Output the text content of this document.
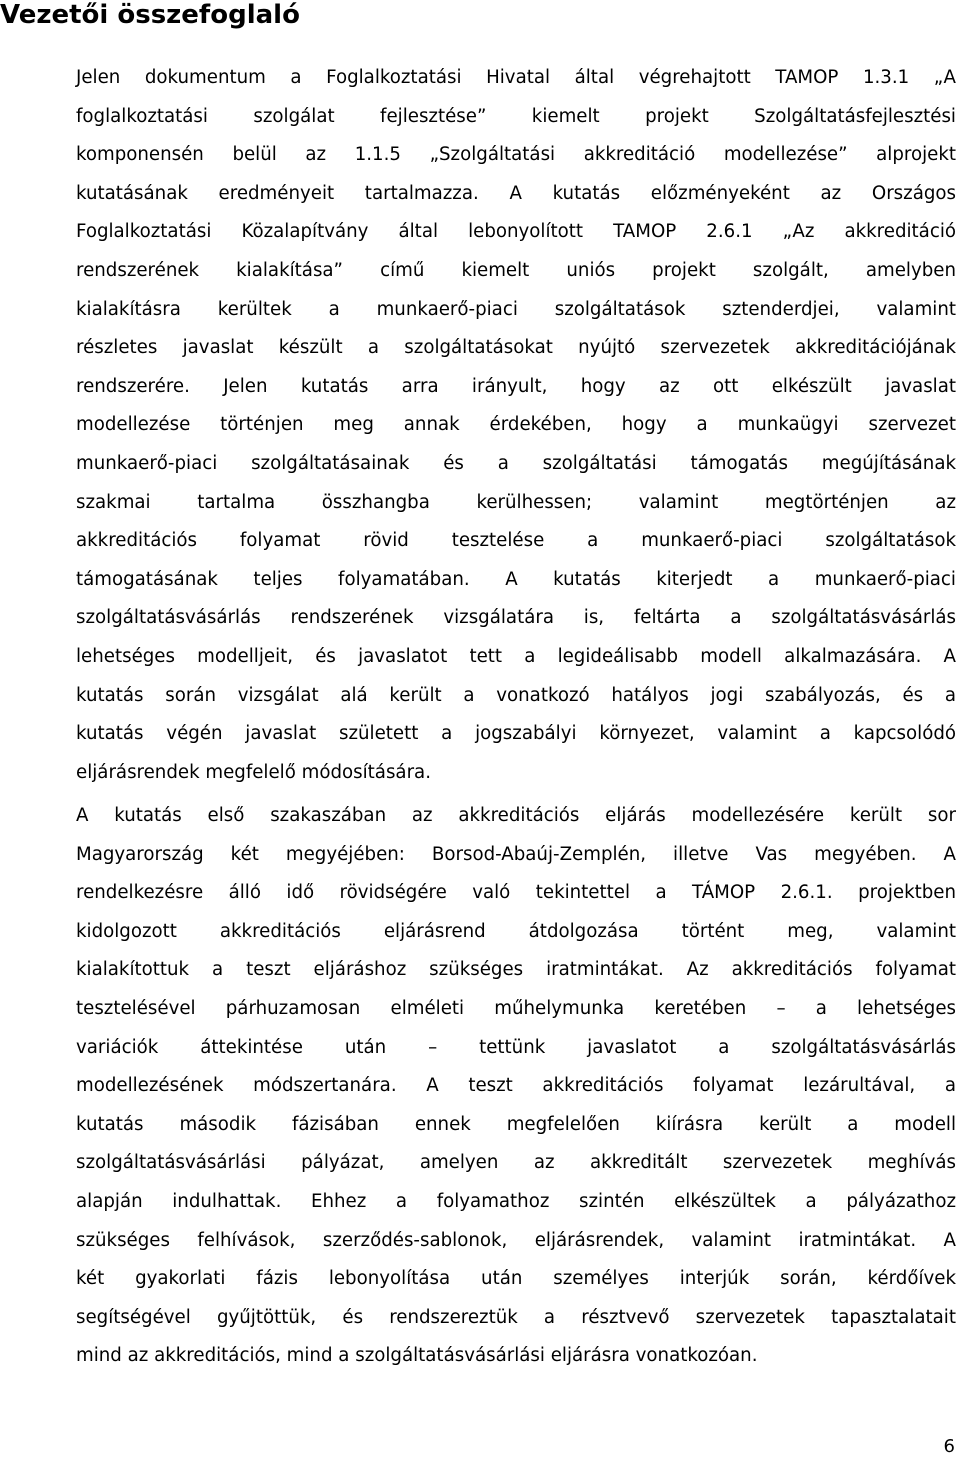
Vezetői összefoglaló
Jelen dokumentum a Foglalkoztatási Hivatal által végrehajtott TAMOP 1.3.1 „A
foglalkoztatási szolgálat fejlesztése” kiemelt projekt Szolgáltatásfejlesztési
komponensén belül az 1.1.5 „Szolgáltatási akkreditáció modellezése” alprojekt
kutatásának eredményeit tartalmazza. A kutatás előzményeként az Országos
Foglalkoztatási Közalapítvány által lebonyolított TAMOP 2.6.1 „Az akkreditáció
rendszerének kialakítása” című kiemelt uniós projekt szolgált, amelyben
kialakításra kerültek a munkaerő-piaci szolgáltatások sztenderdjei, valamint
részletes javaslat készült a szolgáltatásokat nyújtó szervezetek akkreditációjának
rendszerére. Jelen kutatás arra irányult, hogy az ott elkészült javaslat
modellezése történjen meg annak érdekében, hogy a munkaügyi szervezet
munkaerő-piaci szolgáltatásainak és a szolgáltatási támogatás megújításának
szakmai tartalma összhangba kerülhessen; valamint megtörténjen az
akkreditációs folyamat rövid tesztelése a munkaerő-piaci szolgáltatások
támogatásának teljes folyamatában. A kutatás kiterjedt a munkaerő-piaci
szolgáltatásvásárlás rendszerének vizsgálatára is, feltárta a szolgáltatásvásárlás
lehetséges modelljeit, és javaslatot tett a legideálisabb modell alkalmazására. A
kutatás során vizsgálat alá került a vonatkozó hatályos jogi szabályozás, és a
kutatás végén javaslat született a jogszabályi környezet, valamint a kapcsolódó
eljárásrendek megfelelő módosítására.
A kutatás első szakaszában az akkreditációs eljárás modellezésére került sor
Magyarország két megyéjében: Borsod-Abaúj-Zemplén, illetve Vas megyében. A
rendelkezésre álló idő rövidségére való tekintettel a TÁMOP 2.6.1. projektben
kidolgozott akkreditációs eljárásrend átdolgozása történt meg, valamint
kialakítottuk a teszt eljáráshoz szükséges iratmintákat. Az akkreditációs folyamat
tesztelésével párhuzamosan elméleti műhelymunka keretében – a lehetséges
variációk áttekintése után – tettünk javaslatot a szolgáltatásvásárlás
modellezésének módszertanára. A teszt akkreditációs folyamat lezárultával, a
kutatás második fázisában ennek megfelelően kiírásra került a modell
szolgáltatásvásárlási pályázat, amelyen az akkreditált szervezetek meghívás
alapján indulhattak. Ehhez a folyamathoz szintén elkészültek a pályázathoz
szükséges felhívások, szerződés-sablonok, eljárásrendek, valamint iratmintákat. A
két gyakorlati fázis lebonyolítása után személyes interjúk során, kérdőívek
segítségével gyűjtöttük, és rendszereztük a résztvevő szervezetek tapasztalatait
mind az akkreditációs, mind a szolgáltatásvásárlási eljárásra vonatkozóan.
6
